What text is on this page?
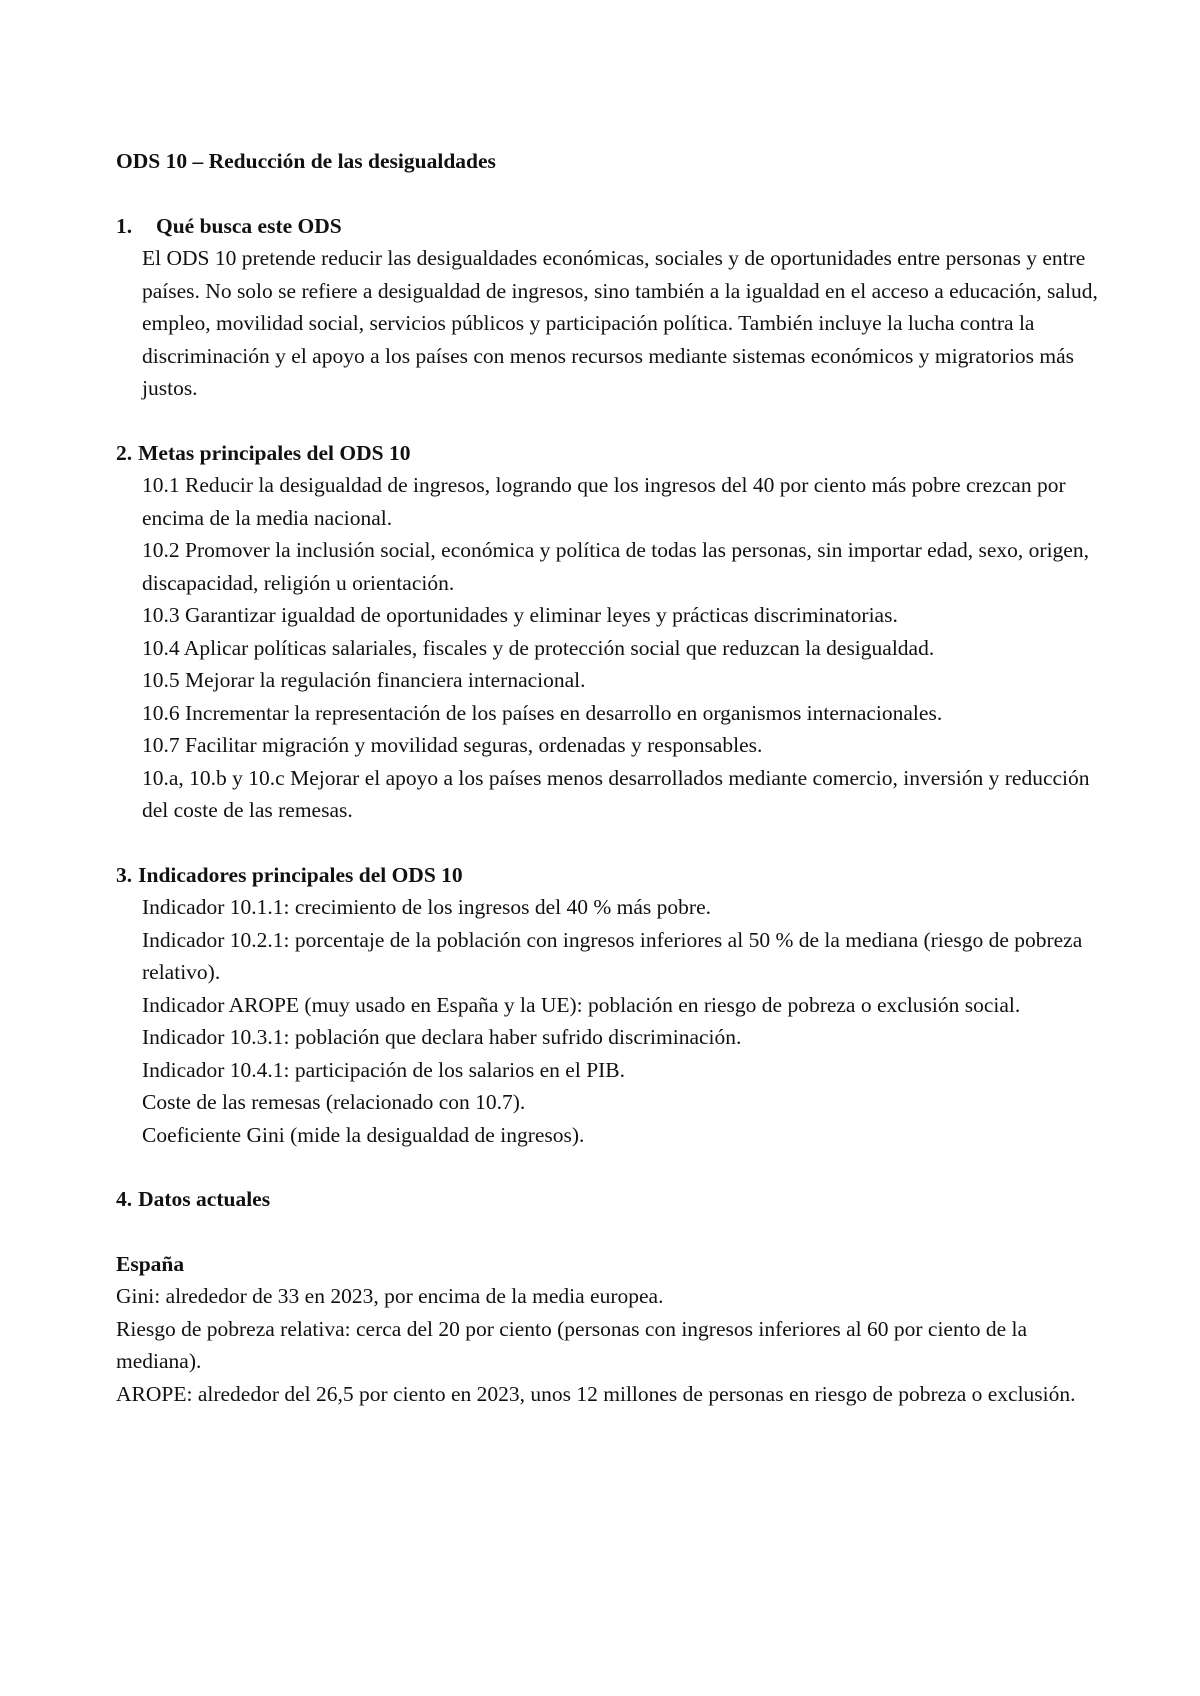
ODS 10 – Reducción de las desigualdades

1. Qué busca este ODS

El ODS 10 pretende reducir las desigualdades económicas, sociales y de oportunidades entre personas y entre países. No solo se refiere a desigualdad de ingresos, sino también a la igualdad en el acceso a educación, salud, empleo, movilidad social, servicios públicos y participación política. También incluye la lucha contra la discriminación y el apoyo a los países con menos recursos mediante sistemas económicos y migratorios más justos.

2. Metas principales del ODS 10

10.1 Reducir la desigualdad de ingresos, logrando que los ingresos del 40 por ciento más pobre crezcan por encima de la media nacional.

10.2 Promover la inclusión social, económica y política de todas las personas, sin importar edad, sexo, origen, discapacidad, religión u orientación.

10.3 Garantizar igualdad de oportunidades y eliminar leyes y prácticas discriminatorias.

10.4 Aplicar políticas salariales, fiscales y de protección social que reduzcan la desigualdad.

10.5 Mejorar la regulación financiera internacional.

10.6 Incrementar la representación de los países en desarrollo en organismos internacionales.

10.7 Facilitar migración y movilidad seguras, ordenadas y responsables.

10.a, 10.b y 10.c Mejorar el apoyo a los países menos desarrollados mediante comercio, inversión y reducción del coste de las remesas.

3. Indicadores principales del ODS 10

Indicador 10.1.1: crecimiento de los ingresos del 40 % más pobre.

Indicador 10.2.1: porcentaje de la población con ingresos inferiores al 50 % de la mediana (riesgo de pobreza relativo).

Indicador AROPE (muy usado en España y la UE): población en riesgo de pobreza o exclusión social.

Indicador 10.3.1: población que declara haber sufrido discriminación.

Indicador 10.4.1: participación de los salarios en el PIB.

Coste de las remesas (relacionado con 10.7).

Coeficiente Gini (mide la desigualdad de ingresos).

4. Datos actuales

España

Gini: alrededor de 33 en 2023, por encima de la media europea.

Riesgo de pobreza relativa: cerca del 20 por ciento (personas con ingresos inferiores al 60 por ciento de la mediana).

AROPE: alrededor del 26,5 por ciento en 2023, unos 12 millones de personas en riesgo de pobreza o exclusión.
